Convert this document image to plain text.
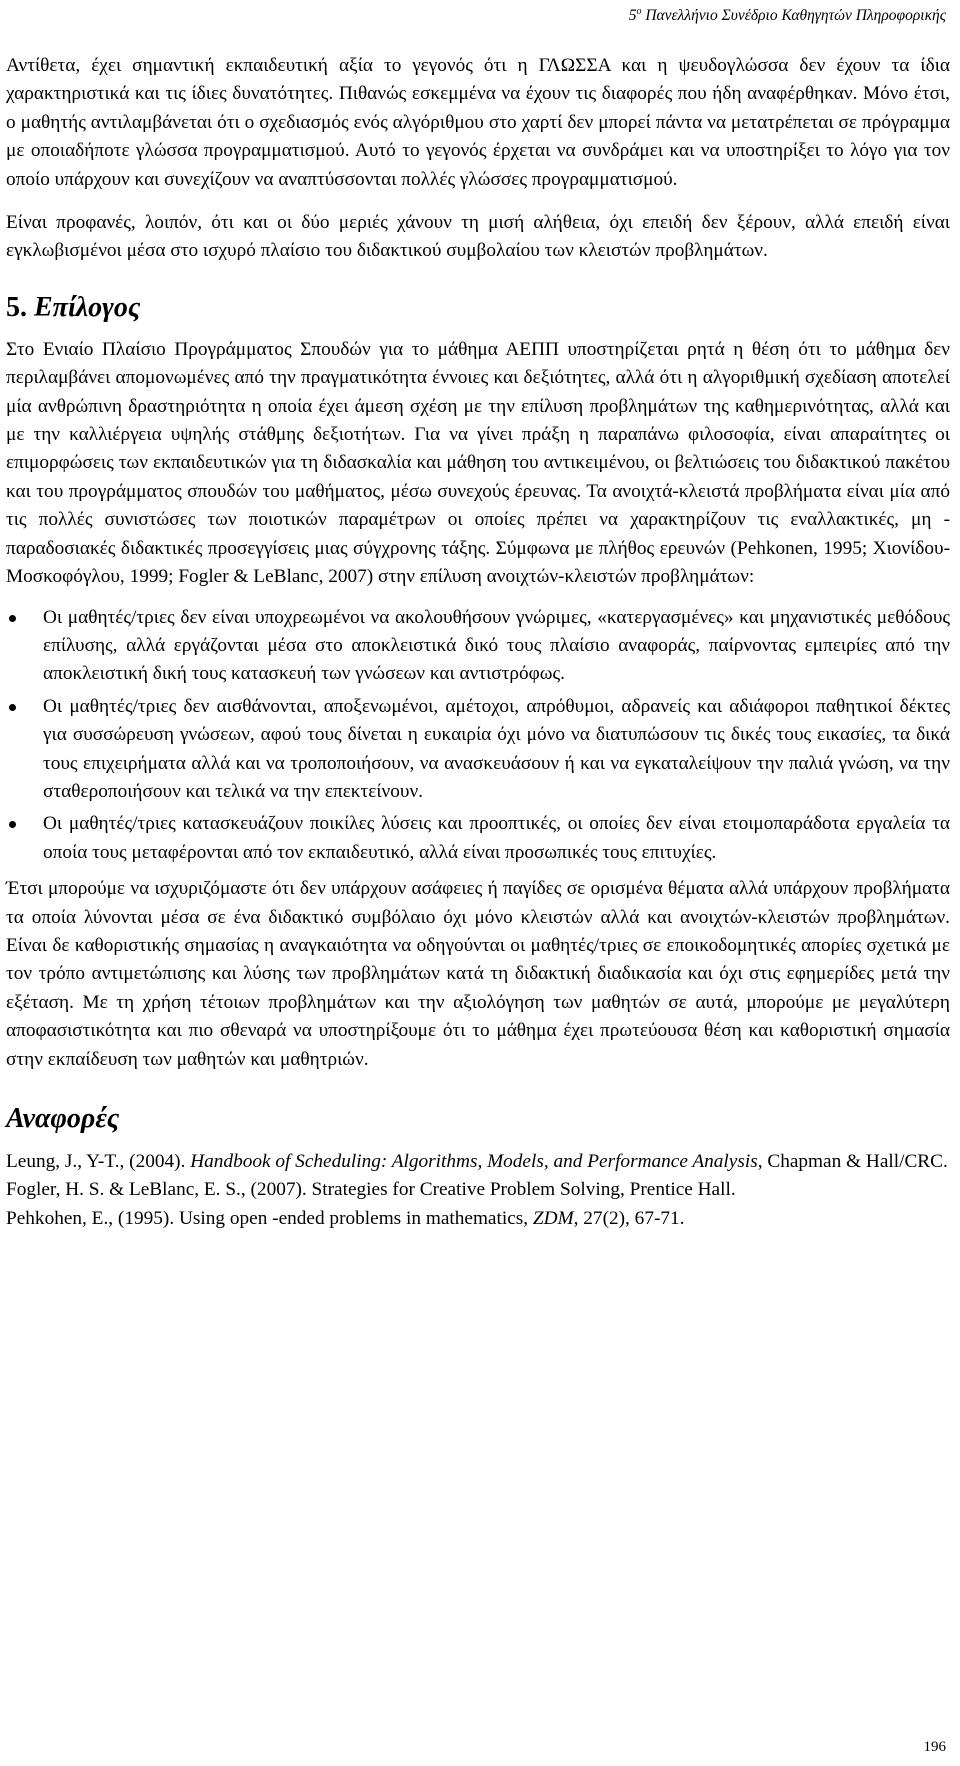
$5^o$ Πανελλήνιο Συνέδριο Καθηγητών Πληροφορικής

Αντίθετα, έχει σημαντική εκπαιδευτική αξία το γεγονός ότι η ΓΛΩΣΣΑ και η ψευδογλώσσα δεν έχουν τα ίδια χαρακτηριστικά και τις ίδιες δυνατότητες. Πιθανώς εσκεμμένα να έχουν τις διαφορές που ήδη αναφέρθηκαν. Μόνο έτσι, ο μαθητής αντιλαμβάνεται ότι ο σχεδιασμός ενός αλγόριθμου στο χαρτί δεν μπορεί πάντα να μετατρέπεται σε πρόγραμμα με οποιαδήποτε γλώσσα προγραμματισμού. Αυτό το γεγονός έρχεται να συνδράμει και να υποστηρίξει το λόγο για τον οποίο υπάρχουν και συνεχίζουν να αναπτύσσονται πολλές γλώσσες προγραμματισμού.

Είναι προφανές, λοιπόν, ότι και οι δύο μεριές χάνουν τη μισή αλήθεια, όχι επειδή δεν ξέρουν, αλλά επειδή είναι εγκλωβισμένοι μέσα στο ισχυρό πλαίσιο του διδακτικού συμβολαίου των κλειστών προβλημάτων.

5. Επίλογος

Στο Ενιαίο Πλαίσιο Προγράμματος Σπουδών για το μάθημα ΑΕΠΠ υποστηρίζεται ρητά η θέση ότι το μάθημα δεν περιλαμβάνει απομονωμένες από την πραγματικότητα έννοιες και δεξιότητες, αλλά ότι η αλγοριθμική σχεδίαση αποτελεί μία ανθρώπινη δραστηριότητα η οποία έχει άμεση σχέση με την επίλυση προβλημάτων της καθημερινότητας, αλλά και με την καλλιέργεια υψηλής στάθμης δεξιοτήτων. Για να γίνει πράξη η παραπάνω φιλοσοφία, είναι απαραίτητες οι επιμορφώσεις των εκπαιδευτικών για τη διδασκαλία και μάθηση του αντικειμένου, οι βελτιώσεις του διδακτικού πακέτου και του προγράμματος σπουδών του μαθήματος, μέσω συνεχούς έρευνας. Τα ανοιχτά-κλειστά προβλήματα είναι μία από τις πολλές συνιστώσες των ποιοτικών παραμέτρων οι οποίες πρέπει να χαρακτηρίζουν τις εναλλακτικές, μη - παραδοσιακές διδακτικές προσεγγίσεις μιας σύγχρονης τάξης. Σύμφωνα με πλήθος ερευνών (Pehkonen, 1995; Χιονίδου-Μοσκοφόγλου, 1999; Fogler & LeBlanc, 2007) στην επίλυση ανοιχτών-κλειστών προβλημάτων:

Οι μαθητές/τριες δεν είναι υποχρεωμένοι να ακολουθήσουν γνώριμες, «κατεργασμένες» και μηχανιστικές μεθόδους επίλυσης, αλλά εργάζονται μέσα στο αποκλειστικά δικό τους πλαίσιο αναφοράς, παίρνοντας εμπειρίες από την αποκλειστική δική τους κατασκευή των γνώσεων και αντιστρόφως.
Οι μαθητές/τριες δεν αισθάνονται, αποξενωμένοι, αμέτοχοι, απρόθυμοι, αδρανείς και αδιάφοροι παθητικοί δέκτες για συσσώρευση γνώσεων, αφού τους δίνεται η ευκαιρία όχι μόνο να διατυπώσουν τις δικές τους εικασίες, τα δικά τους επιχειρήματα αλλά και να τροποποιήσουν, να ανασκευάσουν ή και να εγκαταλείψουν την παλιά γνώση, να την σταθεροποιήσουν και τελικά να την επεκτείνουν.
Οι μαθητές/τριες κατασκευάζουν ποικίλες λύσεις και προοπτικές, οι οποίες δεν είναι ετοιμοπαράδοτα εργαλεία τα οποία τους μεταφέρονται από τον εκπαιδευτικό, αλλά είναι προσωπικές τους επιτυχίες.

Έτσι μπορούμε να ισχυριζόμαστε ότι δεν υπάρχουν ασάφειες ή παγίδες σε ορισμένα θέματα αλλά υπάρχουν προβλήματα τα οποία λύνονται μέσα σε ένα διδακτικό συμβόλαιο όχι μόνο κλειστών αλλά και ανοιχτών-κλειστών προβλημάτων. Είναι δε καθοριστικής σημασίας η αναγκαιότητα να οδηγούνται οι μαθητές/τριες σε εποικοδομητικές απορίες σχετικά με τον τρόπο αντιμετώπισης και λύσης των προβλημάτων κατά τη διδακτική διαδικασία και όχι στις εφημερίδες μετά την εξέταση. Με τη χρήση τέτοιων προβλημάτων και την αξιολόγηση των μαθητών σε αυτά, μπορούμε με μεγαλύτερη αποφασιστικότητα και πιο σθεναρά να υποστηρίξουμε ότι το μάθημα έχει πρωτεύουσα θέση και καθοριστική σημασία στην εκπαίδευση των μαθητών και μαθητριών.

Αναφορές

Leung, J., Y-T., (2004). Handbook of Scheduling: Algorithms, Models, and Performance Analysis, Chapman & Hall/CRC.

Fogler, H. S. & LeBlanc, E. S., (2007). Strategies for Creative Problem Solving, Prentice Hall.

Pehkohen, E., (1995). Using open -ended problems in mathematics, ZDM, 27(2), 67-71.

196
